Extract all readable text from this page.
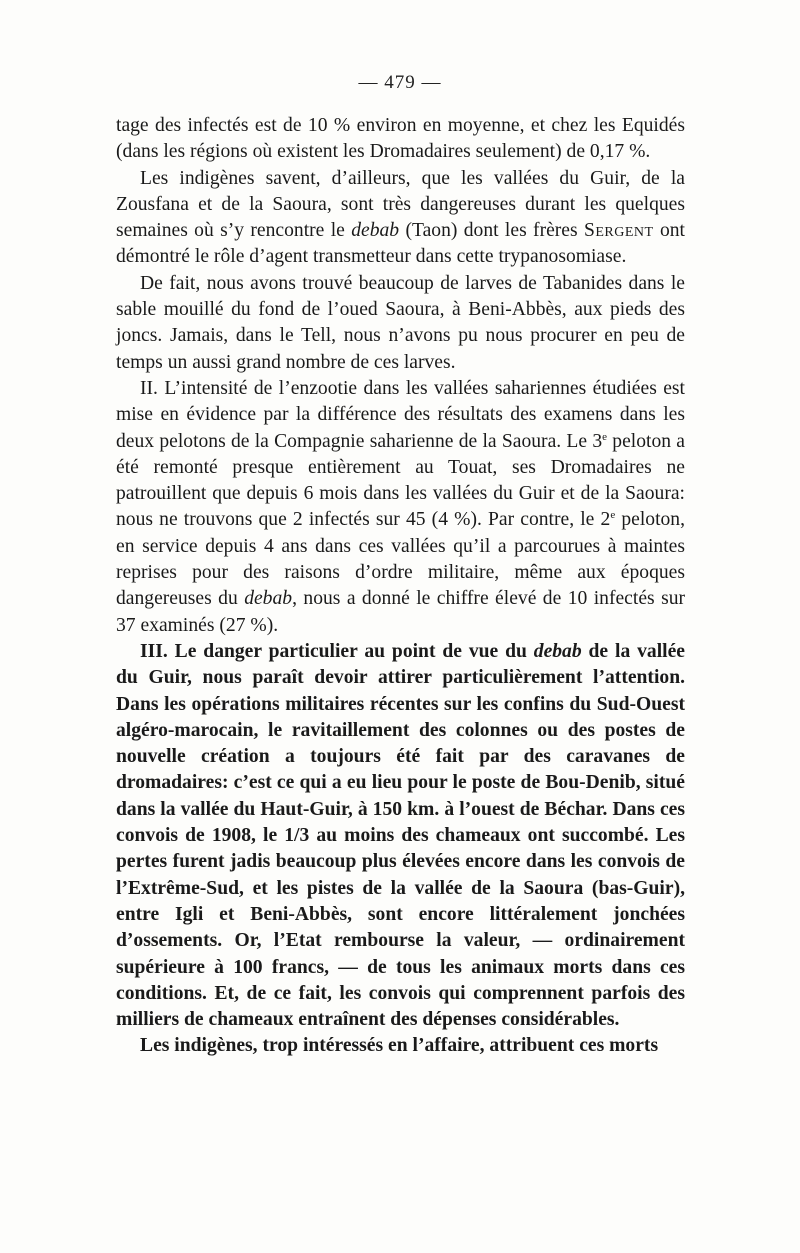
— 479 —

tage des infectés est de 10 % environ en moyenne, et chez les Equidés (dans les régions où existent les Dromadaires seulement) de 0,17 %.

Les indigènes savent, d’ailleurs, que les vallées du Guir, de la Zousfana et de la Saoura, sont très dangereuses durant les quelques semaines où s’y rencontre le debab (Taon) dont les frères Sergent ont démontré le rôle d’agent transmetteur dans cette trypanosomiase.

De fait, nous avons trouvé beaucoup de larves de Tabanides dans le sable mouillé du fond de l’oued Saoura, à Beni-Abbès, aux pieds des joncs. Jamais, dans le Tell, nous n’avons pu nous procurer en peu de temps un aussi grand nombre de ces larves.

II. L’intensité de l’enzootie dans les vallées sahariennes étudiées est mise en évidence par la différence des résultats des examens dans les deux pelotons de la Compagnie saharienne de la Saoura. Le 3e peloton a été remonté presque entièrement au Touat, ses Dromadaires ne patrouillent que depuis 6 mois dans les vallées du Guir et de la Saoura: nous ne trouvons que 2 infectés sur 45 (4 %). Par contre, le 2e peloton, en service depuis 4 ans dans ces vallées qu’il a parcourues à maintes reprises pour des raisons d’ordre militaire, même aux époques dangereuses du debab, nous a donné le chiffre élevé de 10 infectés sur 37 examinés (27 %).

III. Le danger particulier au point de vue du debab de la vallée du Guir, nous paraît devoir attirer particulièrement l’attention. Dans les opérations militaires récentes sur les confins du Sud-Ouest algéro-marocain, le ravitaillement des colonnes ou des postes de nouvelle création a toujours été fait par des caravanes de dromadaires: c’est ce qui a eu lieu pour le poste de Bou-Denib, situé dans la vallée du Haut-Guir, à 150 km. à l’ouest de Béchar. Dans ces convois de 1908, le 1/3 au moins des chameaux ont succombé. Les pertes furent jadis beaucoup plus élevées encore dans les convois de l’Extrême-Sud, et les pistes de la vallée de la Saoura (bas-Guir), entre Igli et Beni-Abbès, sont encore littéralement jonchées d’ossements. Or, l’Etat rembourse la valeur, — ordinairement supérieure à 100 francs, — de tous les animaux morts dans ces conditions. Et, de ce fait, les convois qui comprennent parfois des milliers de chameaux entraînent des dépenses considérables.

Les indigènes, trop intéressés en l’affaire, attribuent ces morts
